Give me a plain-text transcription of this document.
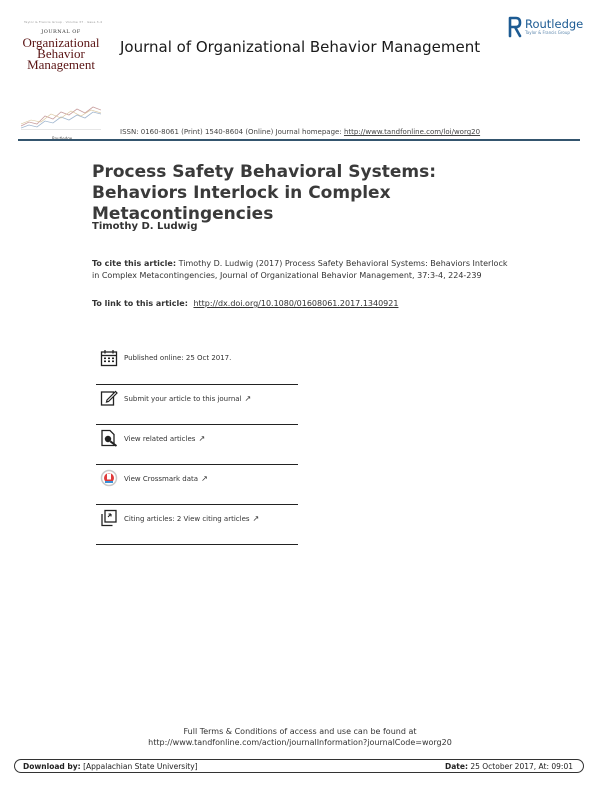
Taylor & Francis Group · Volume 37 · Issue 3-4
JOURNAL OF
Organizational
Behavior
Management
Journal of Organizational Behavior Management
Routledge
Taylor & Francis Group
ISSN: 0160-8061 (Print) 1540-8604 (Online) Journal homepage: http://www.tandfonline.com/loi/worg20
Process Safety Behavioral Systems: Behaviors Interlock in Complex Metacontingencies
Timothy D. Ludwig
To cite this article: Timothy D. Ludwig (2017) Process Safety Behavioral Systems: Behaviors Interlock in Complex Metacontingencies, Journal of Organizational Behavior Management, 37:3-4, 224-239
To link to this article: http://dx.doi.org/10.1080/01608061.2017.1340921
Published online: 25 Oct 2017.
Submit your article to this journal ↗
View related articles ↗
View Crossmark data ↗
Citing articles: 2 View citing articles ↗
Full Terms & Conditions of access and use can be found at
http://www.tandfonline.com/action/journalInformation?journalCode=worg20
Download by: [Appalachian State University]	Date: 25 October 2017, At: 09:01
